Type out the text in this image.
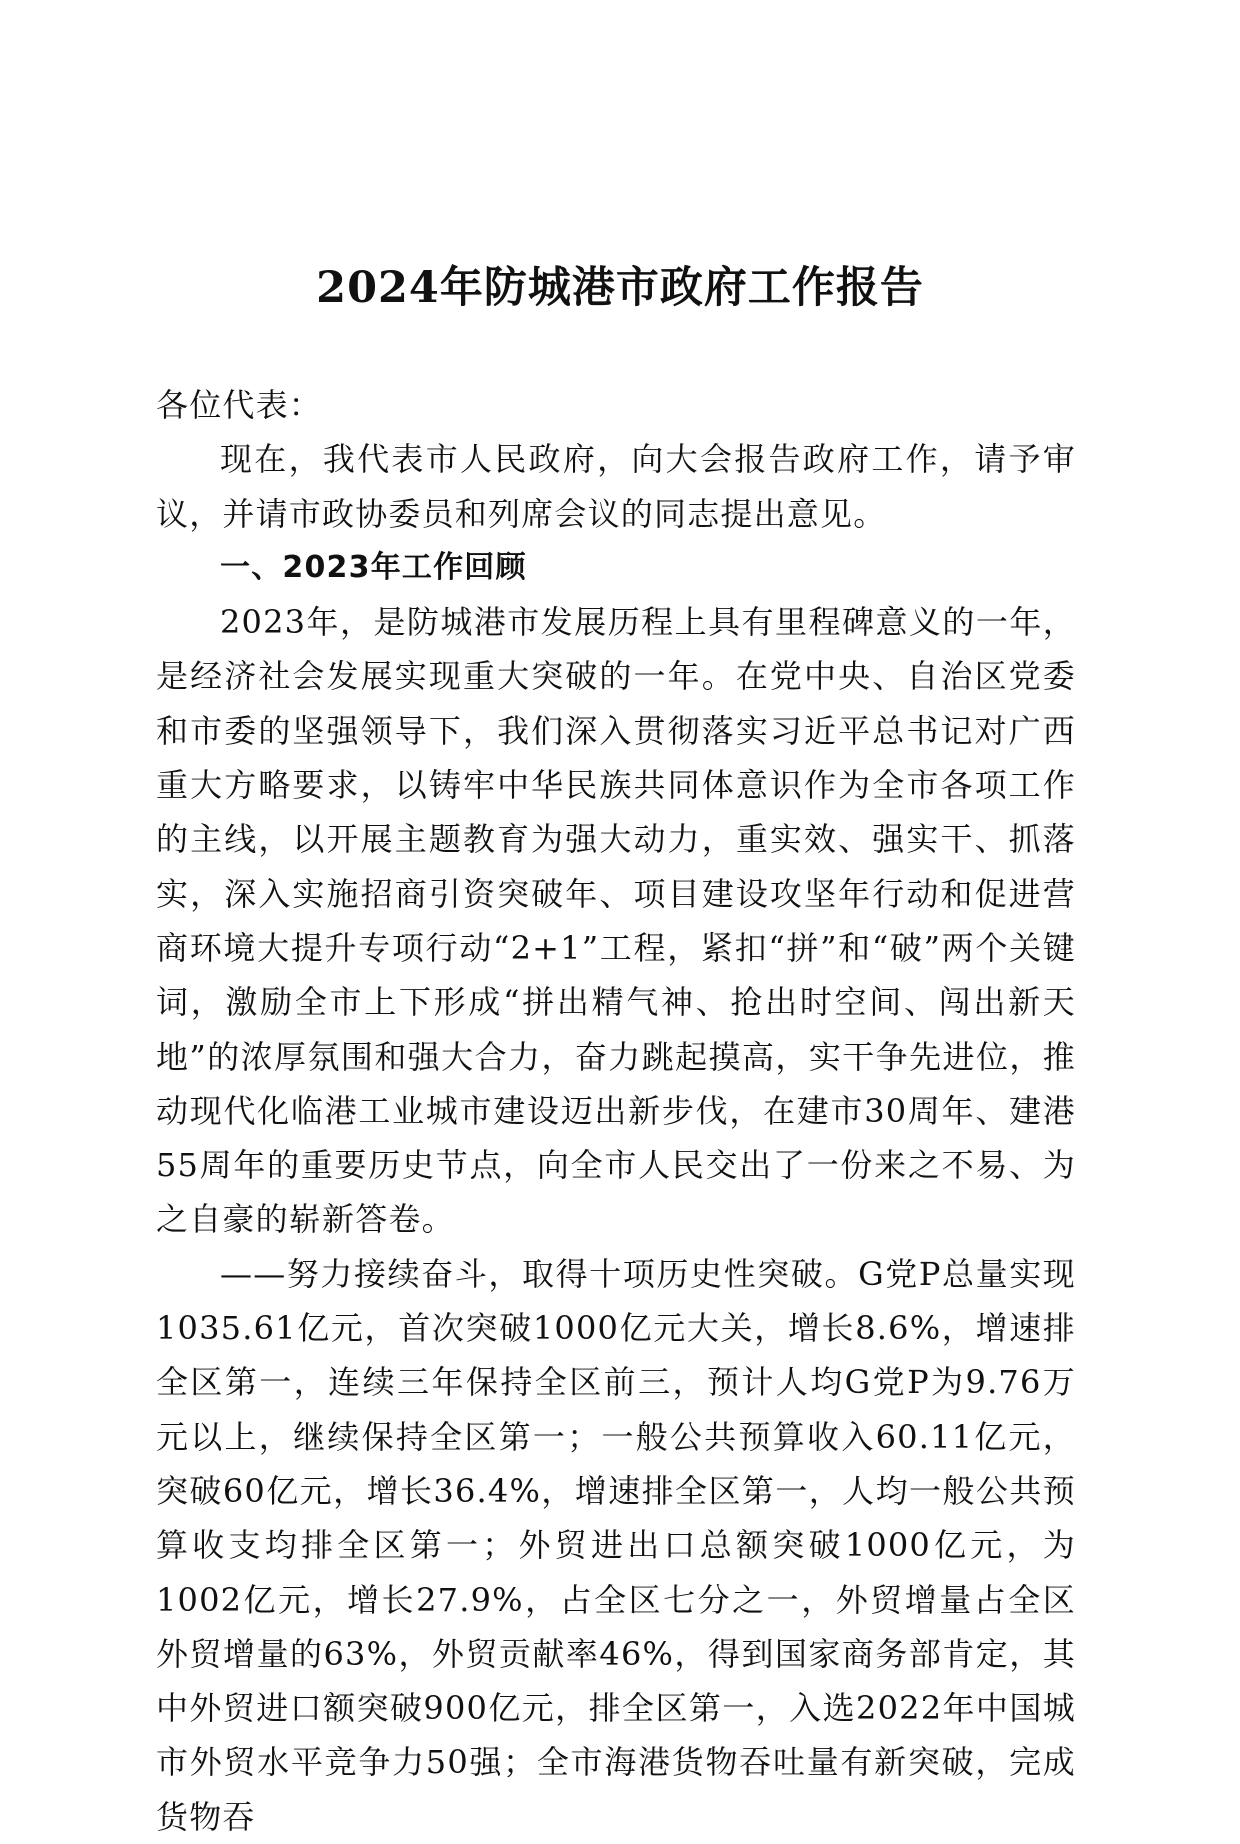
2024年防城港市政府工作报告

各位代表：

现在，我代表市人民政府，向大会报告政府工作，请予审议，并请市政协委员和列席会议的同志提出意见。

一、2023年工作回顾

2023年，是防城港市发展历程上具有里程碑意义的一年，是经济社会发展实现重大突破的一年。在党中央、自治区党委和市委的坚强领导下，我们深入贯彻落实习近平总书记对广西重大方略要求，以铸牢中华民族共同体意识作为全市各项工作的主线，以开展主题教育为强大动力，重实效、强实干、抓落实，深入实施招商引资突破年、项目建设攻坚年行动和促进营商环境大提升专项行动“2+1”工程，紧扣“拼”和“破”两个关键词，激励全市上下形成“拼出精气神、抢出时空间、闯出新天地”的浓厚氛围和强大合力，奋力跳起摸高，实干争先进位，推动现代化临港工业城市建设迈出新步伐，在建市30周年、建港55周年的重要历史节点，向全市人民交出了一份来之不易、为之自豪的崭新答卷。

——努力接续奋斗，取得十项历史性突破。G党P总量实现1035.61亿元，首次突破1000亿元大关，增长8.6%，增速排全区第一，连续三年保持全区前三，预计人均G党P为9.76万元以上，继续保持全区第一；一般公共预算收入60.11亿元，突破60亿元，增长36.4%，增速排全区第一，人均一般公共预算收支均排全区第一；外贸进出口总额突破1000亿元，为1002亿元，增长27.9%，占全区七分之一，外贸增量占全区外贸增量的63%，外贸贡献率46%，得到国家商务部肯定，其中外贸进口额突破900亿元，排全区第一，入选2022年中国城市外贸水平竞争力50强；全市海港货物吞吐量有新突破，完成货物吞
